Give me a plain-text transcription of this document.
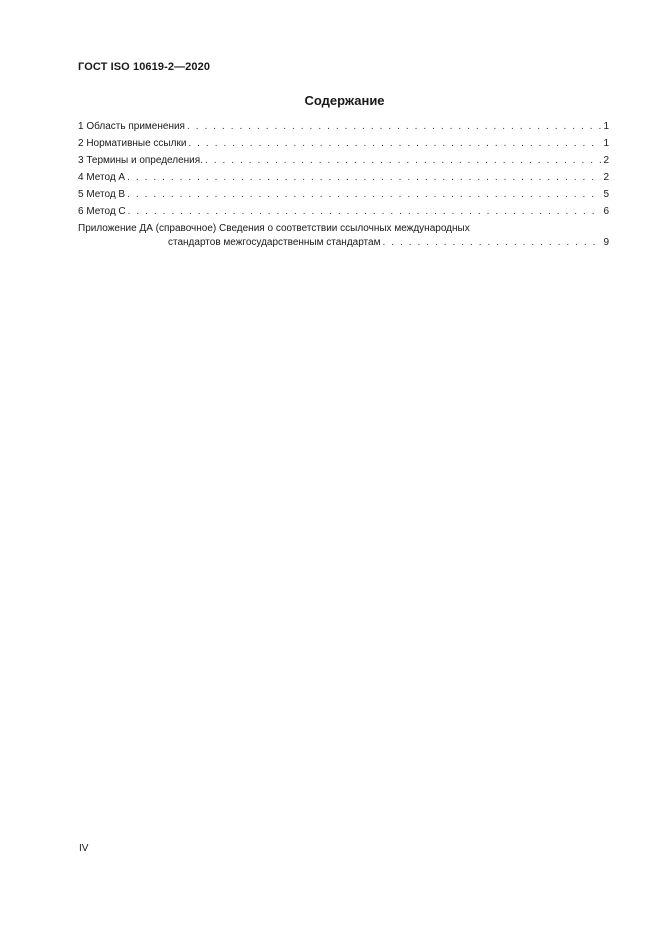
ГОСТ ISO 10619-2—2020
Содержание
1 Область применения . . .	1
2 Нормативные ссылки . . .	1
3 Термины и определения. . . .	2
4 Метод А . . .	2
5 Метод В . . .	5
6 Метод С . . .	6
Приложение ДА (справочное) Сведения о соответствии ссылочных международных
стандартов межгосударственным стандартам . . .	9
IV
